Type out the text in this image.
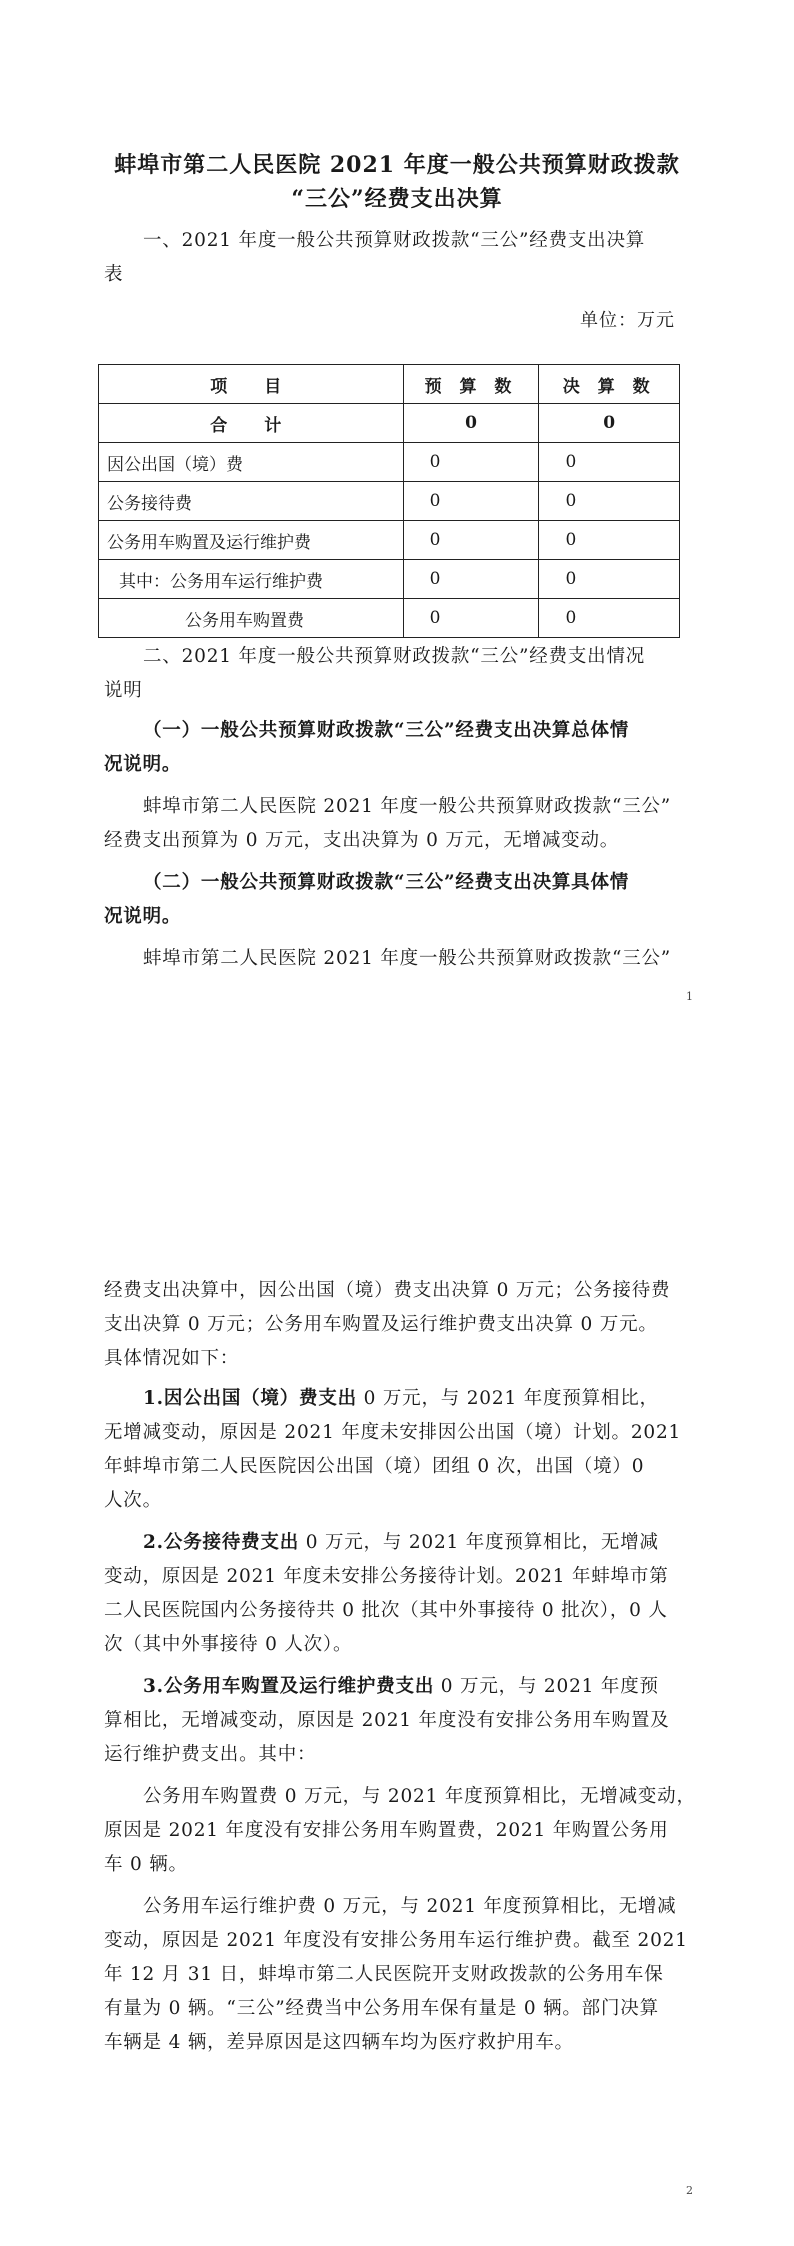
蚌埠市第二人民医院 2021 年度一般公共预算财政拨款
“三公”经费支出决算
一、2021 年度一般公共预算财政拨款“三公”经费支出决算
表
单位：万元
项　目	预 算 数	决 算 数
合　计	0	0
因公出国（境）费	0	0
公务接待费	0	0
公务用车购置及运行维护费	0	0
其中：公务用车运行维护费	0	0
公务用车购置费	0	0
二、2021 年度一般公共预算财政拨款“三公”经费支出情况
说明
（一）一般公共预算财政拨款“三公”经费支出决算总体情
况说明。
蚌埠市第二人民医院 2021 年度一般公共预算财政拨款“三公”
经费支出预算为 0 万元，支出决算为 0 万元，无增减变动。
（二）一般公共预算财政拨款“三公”经费支出决算具体情
况说明。
蚌埠市第二人民医院 2021 年度一般公共预算财政拨款“三公”
1
经费支出决算中，因公出国（境）费支出决算 0 万元；公务接待费
支出决算 0 万元；公务用车购置及运行维护费支出决算 0 万元。
具体情况如下：
1.因公出国（境）费支出 0 万元，与 2021 年度预算相比，
无增减变动，原因是 2021 年度未安排因公出国（境）计划。2021
年蚌埠市第二人民医院因公出国（境）团组 0 次，出国（境）0
人次。
2.公务接待费支出 0 万元，与 2021 年度预算相比，无增减
变动，原因是 2021 年度未安排公务接待计划。2021 年蚌埠市第
二人民医院国内公务接待共 0 批次（其中外事接待 0 批次），0 人
次（其中外事接待 0 人次）。
3.公务用车购置及运行维护费支出 0 万元，与 2021 年度预
算相比，无增减变动，原因是 2021 年度没有安排公务用车购置及
运行维护费支出。其中：
公务用车购置费 0 万元，与 2021 年度预算相比，无增减变动，
原因是 2021 年度没有安排公务用车购置费，2021 年购置公务用
车 0 辆。
公务用车运行维护费 0 万元，与 2021 年度预算相比，无增减
变动，原因是 2021 年度没有安排公务用车运行维护费。截至 2021
年 12 月 31 日，蚌埠市第二人民医院开支财政拨款的公务用车保
有量为 0 辆。“三公”经费当中公务用车保有量是 0 辆。部门决算
车辆是 4 辆，差异原因是这四辆车均为医疗救护用车。
2
